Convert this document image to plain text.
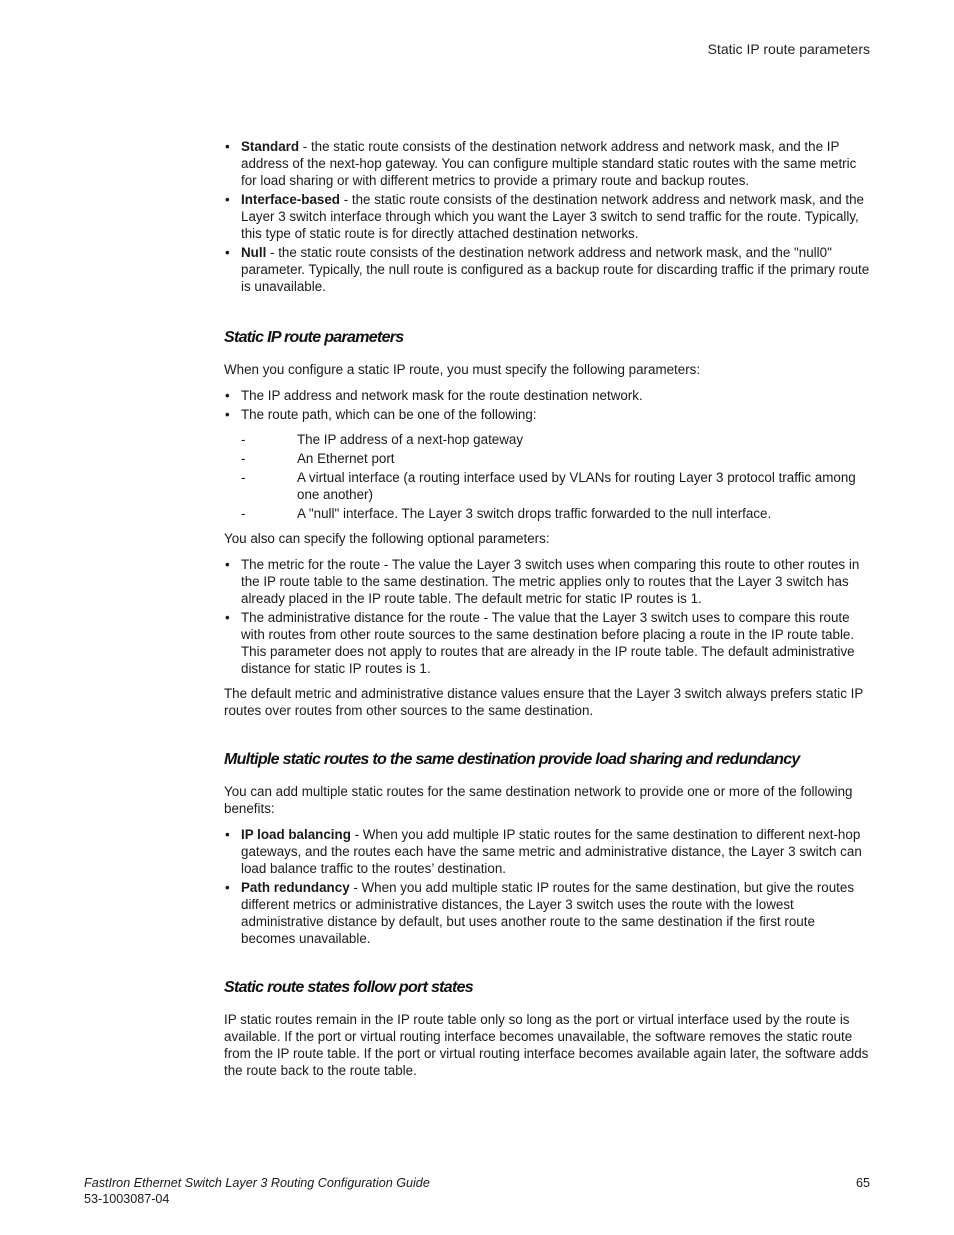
Static IP route parameters
• Standard - the static route consists of the destination network address and network mask, and the IP address of the next-hop gateway. You can configure multiple standard static routes with the same metric for load sharing or with different metrics to provide a primary route and backup routes.
• Interface-based - the static route consists of the destination network address and network mask, and the Layer 3 switch interface through which you want the Layer 3 switch to send traffic for the route. Typically, this type of static route is for directly attached destination networks.
• Null - the static route consists of the destination network address and network mask, and the "null0" parameter. Typically, the null route is configured as a backup route for discarding traffic if the primary route is unavailable.
Static IP route parameters

When you configure a static IP route, you must specify the following parameters:

• The IP address and network mask for the route destination network.
• The route path, which can be one of the following:
- The IP address of a next-hop gateway
- An Ethernet port
- A virtual interface (a routing interface used by VLANs for routing Layer 3 protocol traffic among one another)
- A "null" interface. The Layer 3 switch drops traffic forwarded to the null interface.

You also can specify the following optional parameters:

• The metric for the route - The value the Layer 3 switch uses when comparing this route to other routes in the IP route table to the same destination. The metric applies only to routes that the Layer 3 switch has already placed in the IP route table. The default metric for static IP routes is 1.
• The administrative distance for the route - The value that the Layer 3 switch uses to compare this route with routes from other route sources to the same destination before placing a route in the IP route table. This parameter does not apply to routes that are already in the IP route table. The default administrative distance for static IP routes is 1.

The default metric and administrative distance values ensure that the Layer 3 switch always prefers static IP routes over routes from other sources to the same destination.

Multiple static routes to the same destination provide load sharing and redundancy

You can add multiple static routes for the same destination network to provide one or more of the following benefits:

• IP load balancing - When you add multiple IP static routes for the same destination to different next-hop gateways, and the routes each have the same metric and administrative distance, the Layer 3 switch can load balance traffic to the routes’ destination.
• Path redundancy - When you add multiple static IP routes for the same destination, but give the routes different metrics or administrative distances, the Layer 3 switch uses the route with the lowest administrative distance by default, but uses another route to the same destination if the first route becomes unavailable.
Static route states follow port states

IP static routes remain in the IP route table only so long as the port or virtual interface used by the route is available. If the port or virtual routing interface becomes unavailable, the software removes the static route from the IP route table. If the port or virtual routing interface becomes available again later, the software adds the route back to the route table.

FastIron Ethernet Switch Layer 3 Routing Configuration Guide
53-1003087-04
65
